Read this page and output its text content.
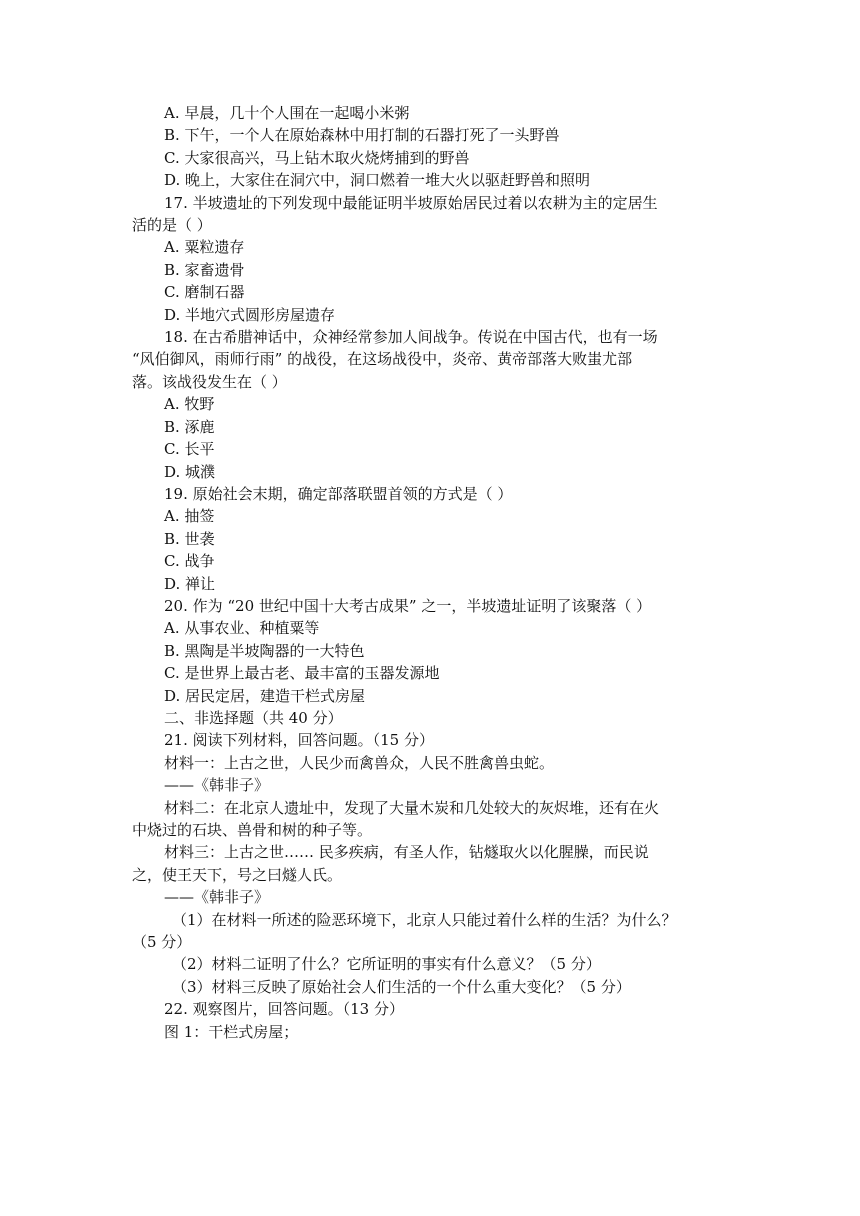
A. 早晨，几十个人围在一起喝小米粥
B. 下午，一个人在原始森林中用打制的石器打死了一头野兽
C. 大家很高兴，马上钻木取火烧烤捕到的野兽
D. 晚上，大家住在洞穴中，洞口燃着一堆大火以驱赶野兽和照明
17. 半坡遗址的下列发现中最能证明半坡原始居民过着以农耕为主的定居生
活的是（ ）
A. 粟粒遗存
B. 家畜遗骨
C. 磨制石器
D. 半地穴式圆形房屋遗存
18. 在古希腊神话中，众神经常参加人间战争。传说在中国古代，也有一场
“风伯御风，雨师行雨” 的战役，在这场战役中，炎帝、黄帝部落大败蚩尤部
落。该战役发生在（ ）
A. 牧野
B. 涿鹿
C. 长平
D. 城濮
19. 原始社会末期，确定部落联盟首领的方式是（ ）
A. 抽签
B. 世袭
C. 战争
D. 禅让
20. 作为 “20 世纪中国十大考古成果” 之一，半坡遗址证明了该聚落（ ）
A. 从事农业、种植粟等
B. 黑陶是半坡陶器的一大特色
C. 是世界上最古老、最丰富的玉器发源地
D. 居民定居，建造干栏式房屋
二、非选择题（共 40 分）
21. 阅读下列材料，回答问题。（15 分）
材料一：上古之世，人民少而禽兽众，人民不胜禽兽虫蛇。
——《韩非子》
材料二：在北京人遗址中，发现了大量木炭和几处较大的灰烬堆，还有在火
中烧过的石块、兽骨和树的种子等。
材料三：上古之世…… 民多疾病，有圣人作，钻燧取火以化腥臊，而民说
之，使王天下，号之曰燧人氏。
——《韩非子》
（1）在材料一所述的险恶环境下，北京人只能过着什么样的生活？为什么？
（5 分）
（2）材料二证明了什么？它所证明的事实有什么意义？（5 分）
（3）材料三反映了原始社会人们生活的一个什么重大变化？（5 分）
22. 观察图片，回答问题。（13 分）
图 1：干栏式房屋；
